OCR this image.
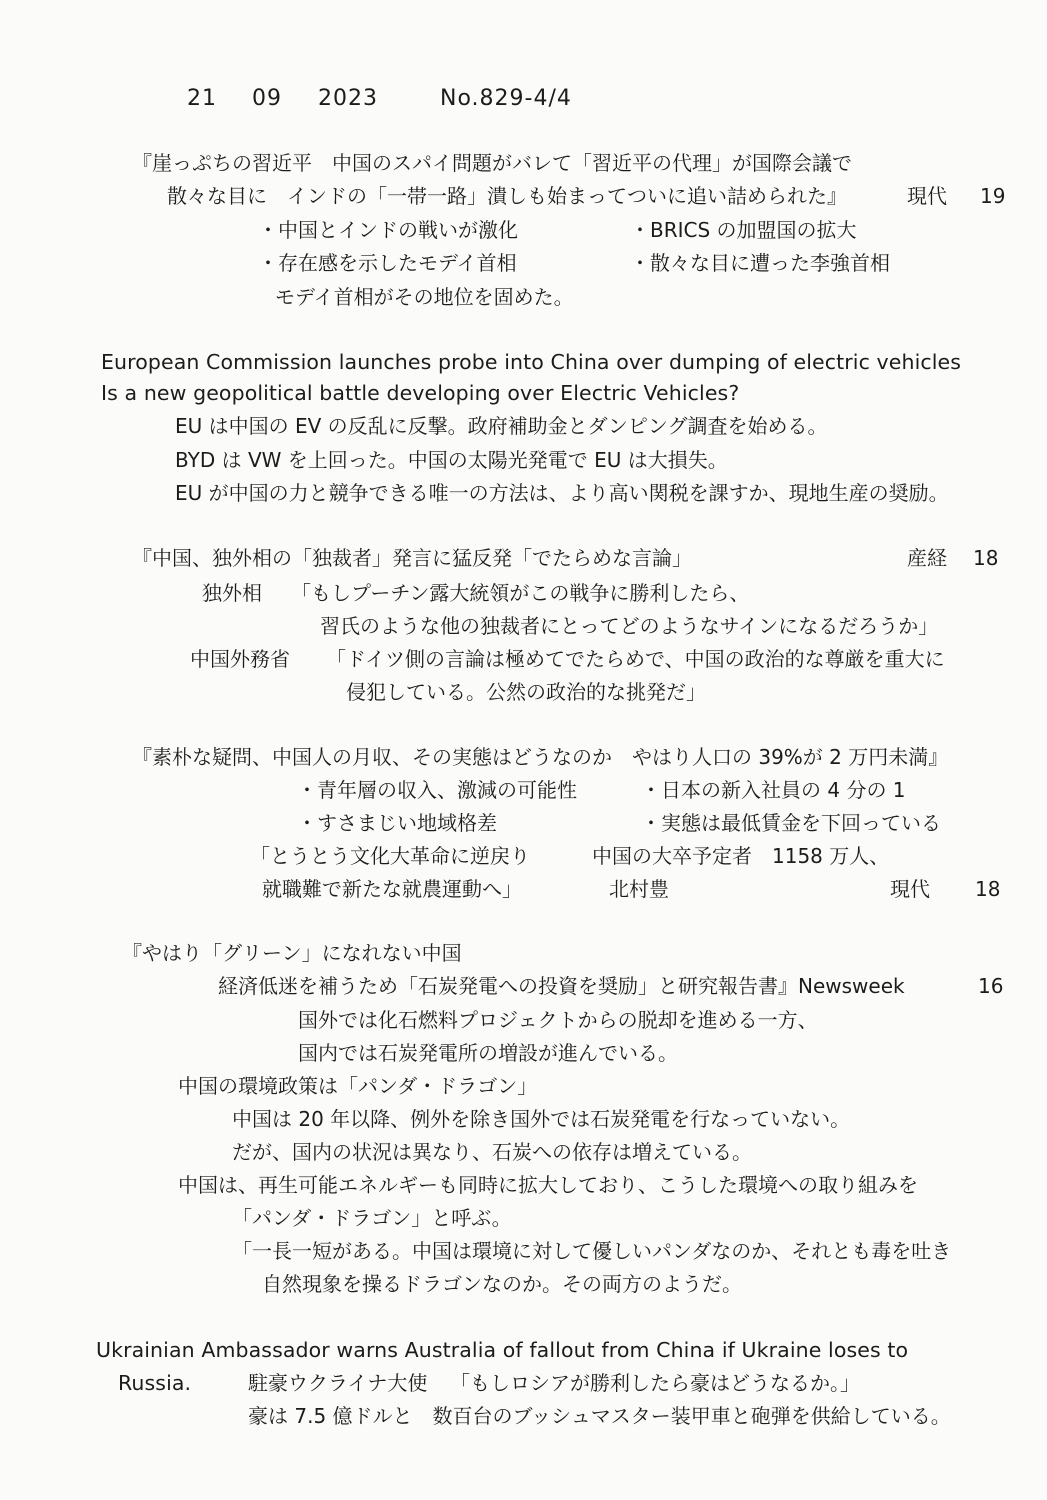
21 09 2023	No.829-4/4
『崖っぷちの習近平　中国のスパイ問題がバレて「習近平の代理」が国際会議で
散々な目に　インドの「一帯一路」潰しも始まってついに追い詰められた』	現代 19
・中国とインドの戦いが激化	・BRICS の加盟国の拡大
・存在感を示したモデイ首相	・散々な目に遭った李強首相
モデイ首相がその地位を固めた。
European Commission launches probe into China over dumping of electric vehicles
Is a new geopolitical battle developing over Electric Vehicles?
EU は中国の EV の反乱に反撃。政府補助金とダンピング調査を始める。
BYD は VW を上回った。中国の太陽光発電で EU は大損失。
EU が中国の力と競争できる唯一の方法は、より高い関税を課すか、現地生産の奨励。
『中国、独外相の「独裁者」発言に猛反発「でたらめな言論」	産経 18
独外相 「もしプーチン露大統領がこの戦争に勝利したら、
習氏のような他の独裁者にとってどのようなサインになるだろうか」
中国外務省 「ドイツ側の言論は極めてでたらめで、中国の政治的な尊厳を重大に
侵犯している。公然の政治的な挑発だ」
『素朴な疑問、中国人の月収、その実態はどうなのか　やはり人口の 39%が 2 万円未満』
・青年層の収入、激減の可能性	・日本の新入社員の 4 分の 1
・すさまじい地域格差	・実態は最低賃金を下回っている
「とうとう文化大革命に逆戻り	中国の大卒予定者　1158 万人、
就職難で新たな就農運動へ」	北村豊	現代 18
『やはり「グリーン」になれない中国
経済低迷を補うため「石炭発電への投資を奨励」と研究報告書』Newsweek	16
国外では化石燃料プロジェクトからの脱却を進める一方、
国内では石炭発電所の増設が進んでいる。
中国の環境政策は「パンダ・ドラゴン」
中国は 20 年以降、例外を除き国外では石炭発電を行なっていない。
だが、国内の状況は異なり、石炭への依存は増えている。
中国は、再生可能エネルギーも同時に拡大しており、こうした環境への取り組みを
「パンダ・ドラゴン」と呼ぶ。
「一長一短がある。中国は環境に対して優しいパンダなのか、それとも毒を吐き
自然現象を操るドラゴンなのか。その両方のようだ。
Ukrainian Ambassador warns Australia of fallout from China if Ukraine loses to
Russia.	駐豪ウクライナ大使 「もしロシアが勝利したら豪はどうなるか。」
豪は 7.5 億ドルと　数百台のブッシュマスター装甲車と砲弾を供給している。
